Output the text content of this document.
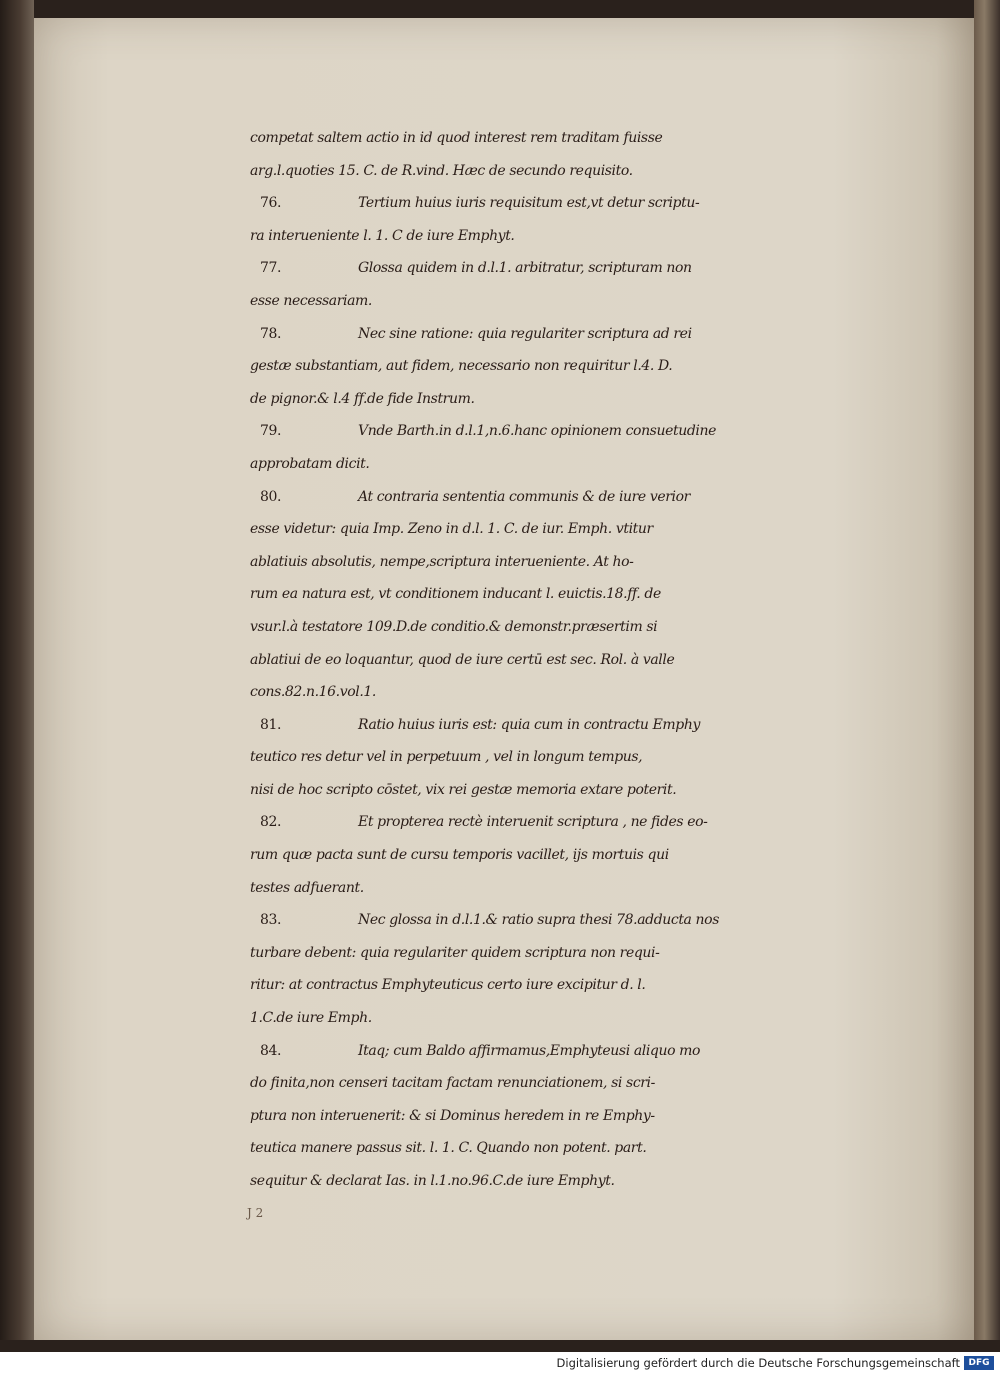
competat saltem actio in id quod interest rem traditam fuisse
arg.l.quoties 15. C. de R.vind. Hæc de secundo requisito.
76.	Tertium huius iuris requisitum est,vt detur scriptu-
ra interueniente l. 1. C de iure Emphyt.
77.	Glossa quidem in d.l.1. arbitratur, scripturam non
esse necessariam.
78.	Nec sine ratione: quia regulariter scriptura ad rei
gestæ substantiam, aut fidem, necessario non requiritur l.4. D.
de pignor.& l.4 ff.de fide Instrum.
79.	Vnde Barth.in d.l.1,n.6.hanc opinionem consuetudine
approbatam dicit.
80.	At contraria sententia communis & de iure verior
esse videtur: quia Imp. Zeno in d.l. 1. C. de iur. Emph. vtitur
ablatiuis absolutis, nempe,scriptura interueniente. At ho-
rum ea natura est, vt conditionem inducant l. euictis.18.ff. de
vsur.l.à testatore 109.D.de conditio.& demonstr.præsertim si
ablatiui de eo loquantur, quod de iure certū est sec. Rol. à valle
cons.82.n.16.vol.1.
81.	Ratio huius iuris est: quia cum in contractu Emphy
teutico res detur vel in perpetuum , vel in longum tempus,
nisi de hoc scripto cōstet, vix rei gestæ memoria extare poterit.
82.	Et propterea rectè interuenit scriptura , ne fides eo-
rum quæ pacta sunt de cursu temporis vacillet, ijs mortuis qui
testes adfuerant.
83.	Nec glossa in d.l.1.& ratio supra thesi 78.adducta nos
turbare debent: quia regulariter quidem scriptura non requi-
ritur: at contractus Emphyteuticus certo iure excipitur d. l.
1.C.de iure Emph.
84.	Itaq; cum Baldo affirmamus,Emphyteusi aliquo mo
do finita,non censeri tacitam factam renunciationem, si scri-
ptura non interuenerit: & si Dominus heredem in re Emphy-
teutica manere passus sit. l. 1. C. Quando non potent. part.
sequitur & declarat Ias. in l.1.no.96.C.de iure Emphyt.
J 2
Digitalisierung gefördert durch die Deutsche Forschungsgemeinschaft DFG
